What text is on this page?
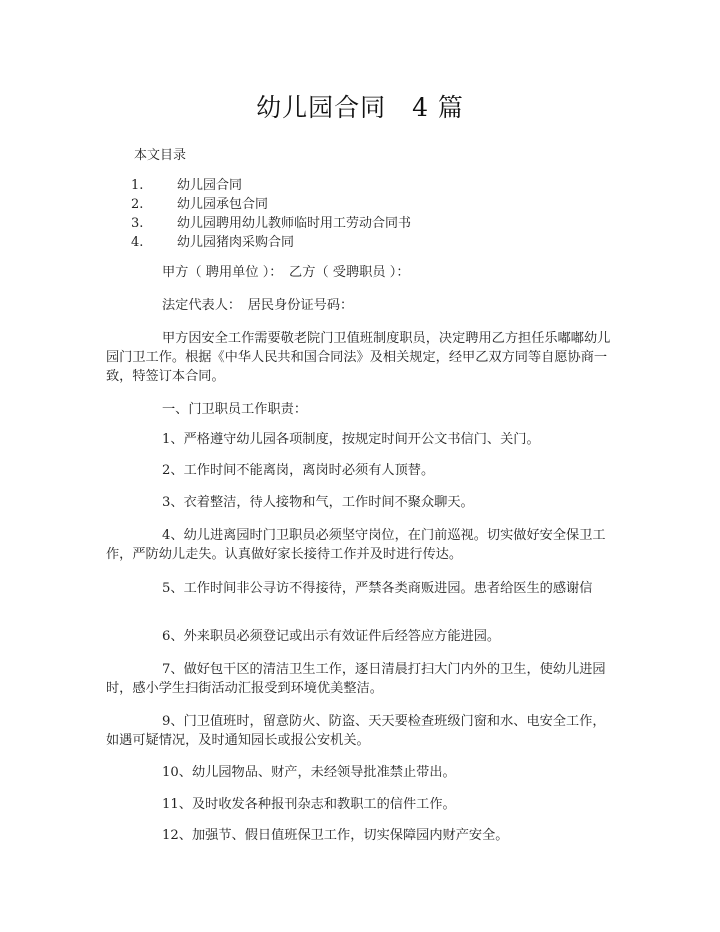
幼儿园合同　4 篇
本文目录
1.	幼儿园合同
2.	幼儿园承包合同
3.	幼儿园聘用幼儿教师临时用工劳动合同书
4.	幼儿园猪肉采购合同
甲方（ 聘用单位 ）：　乙方（ 受聘职员 ）：
法定代表人：　居民身份证号码：
甲方因安全工作需要敬老院门卫值班制度职员，决定聘用乙方担任乐嘟嘟幼儿园门卫工作。根据《中华人民共和国合同法》及相关规定，经甲乙双方同等自愿协商一致，特签订本合同。
一、门卫职员工作职责：
1、严格遵守幼儿园各项制度，按规定时间开公文书信门、关门。
2、工作时间不能离岗，离岗时必须有人顶替。
3、衣着整洁，待人接物和气，工作时间不聚众聊天。
4、幼儿进离园时门卫职员必须坚守岗位，在门前巡视。切实做好安全保卫工作，严防幼儿走失。认真做好家长接待工作并及时进行传达。
5、工作时间非公寻访不得接待，严禁各类商贩进园。患者给医生的感谢信
6、外来职员必须登记或出示有效证件后经答应方能进园。
7、做好包干区的清洁卫生工作，逐日清晨打扫大门内外的卫生，使幼儿进园时，感小学生扫街活动汇报受到环境优美整洁。
9、门卫值班时，留意防火、防盗、天天要检查班级门窗和水、电安全工作，如遇可疑情况，及时通知园长或报公安机关。
10、幼儿园物品、财产，未经领导批准禁止带出。
11、及时收发各种报刊杂志和教职工的信件工作。
12、加强节、假日值班保卫工作，切实保障园内财产安全。
